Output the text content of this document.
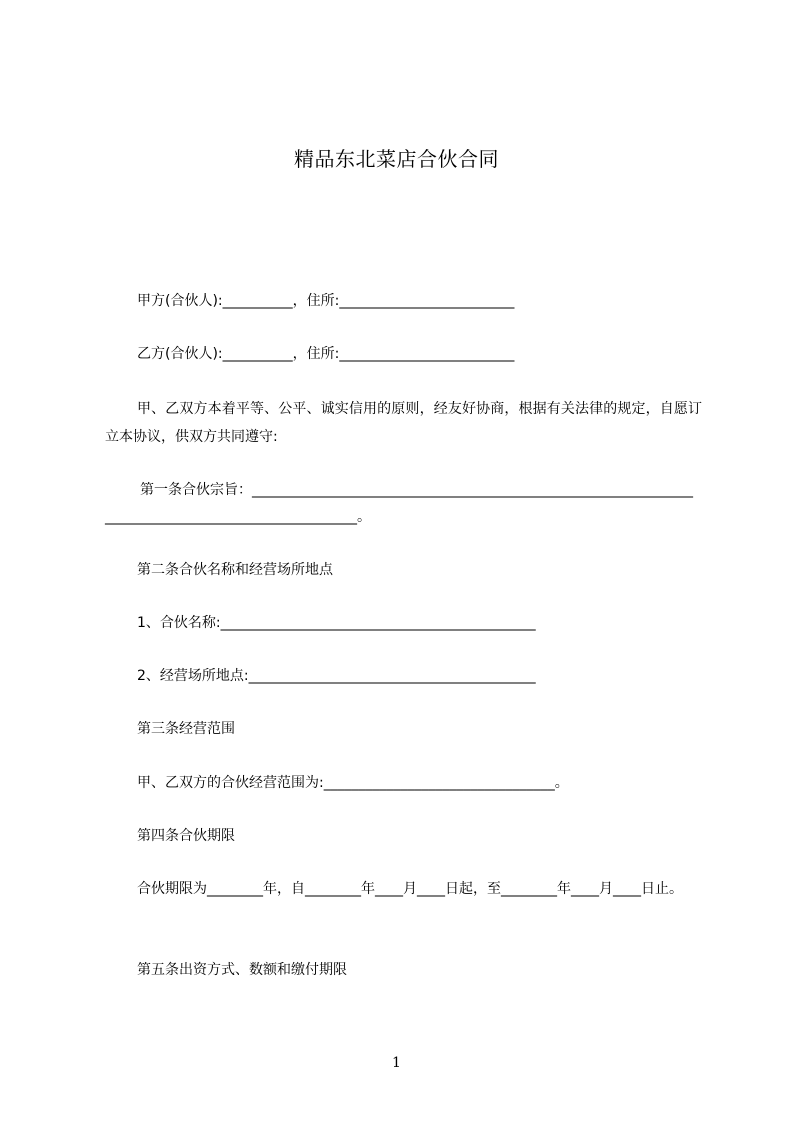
精品东北菜店合伙合同
甲方(合伙人):__________，住所:_________________________
乙方(合伙人):__________，住所:_________________________
甲、乙双方本着平等、公平、诚实信用的原则，经友好协商，根据有关法律的规定，自愿订立本协议，供双方共同遵守:
第一条合伙宗旨：_______________________________________________________________
____________________________________。
第二条合伙名称和经营场所地点
1、合伙名称:_____________________________________________
2、经营场所地点:_________________________________________
第三条经营范围
甲、乙双方的合伙经营范围为:_________________________________。
第四条合伙期限
合伙期限为________年，自________年____月____日起，至________年____月____日止。
第五条出资方式、数额和缴付期限
1
